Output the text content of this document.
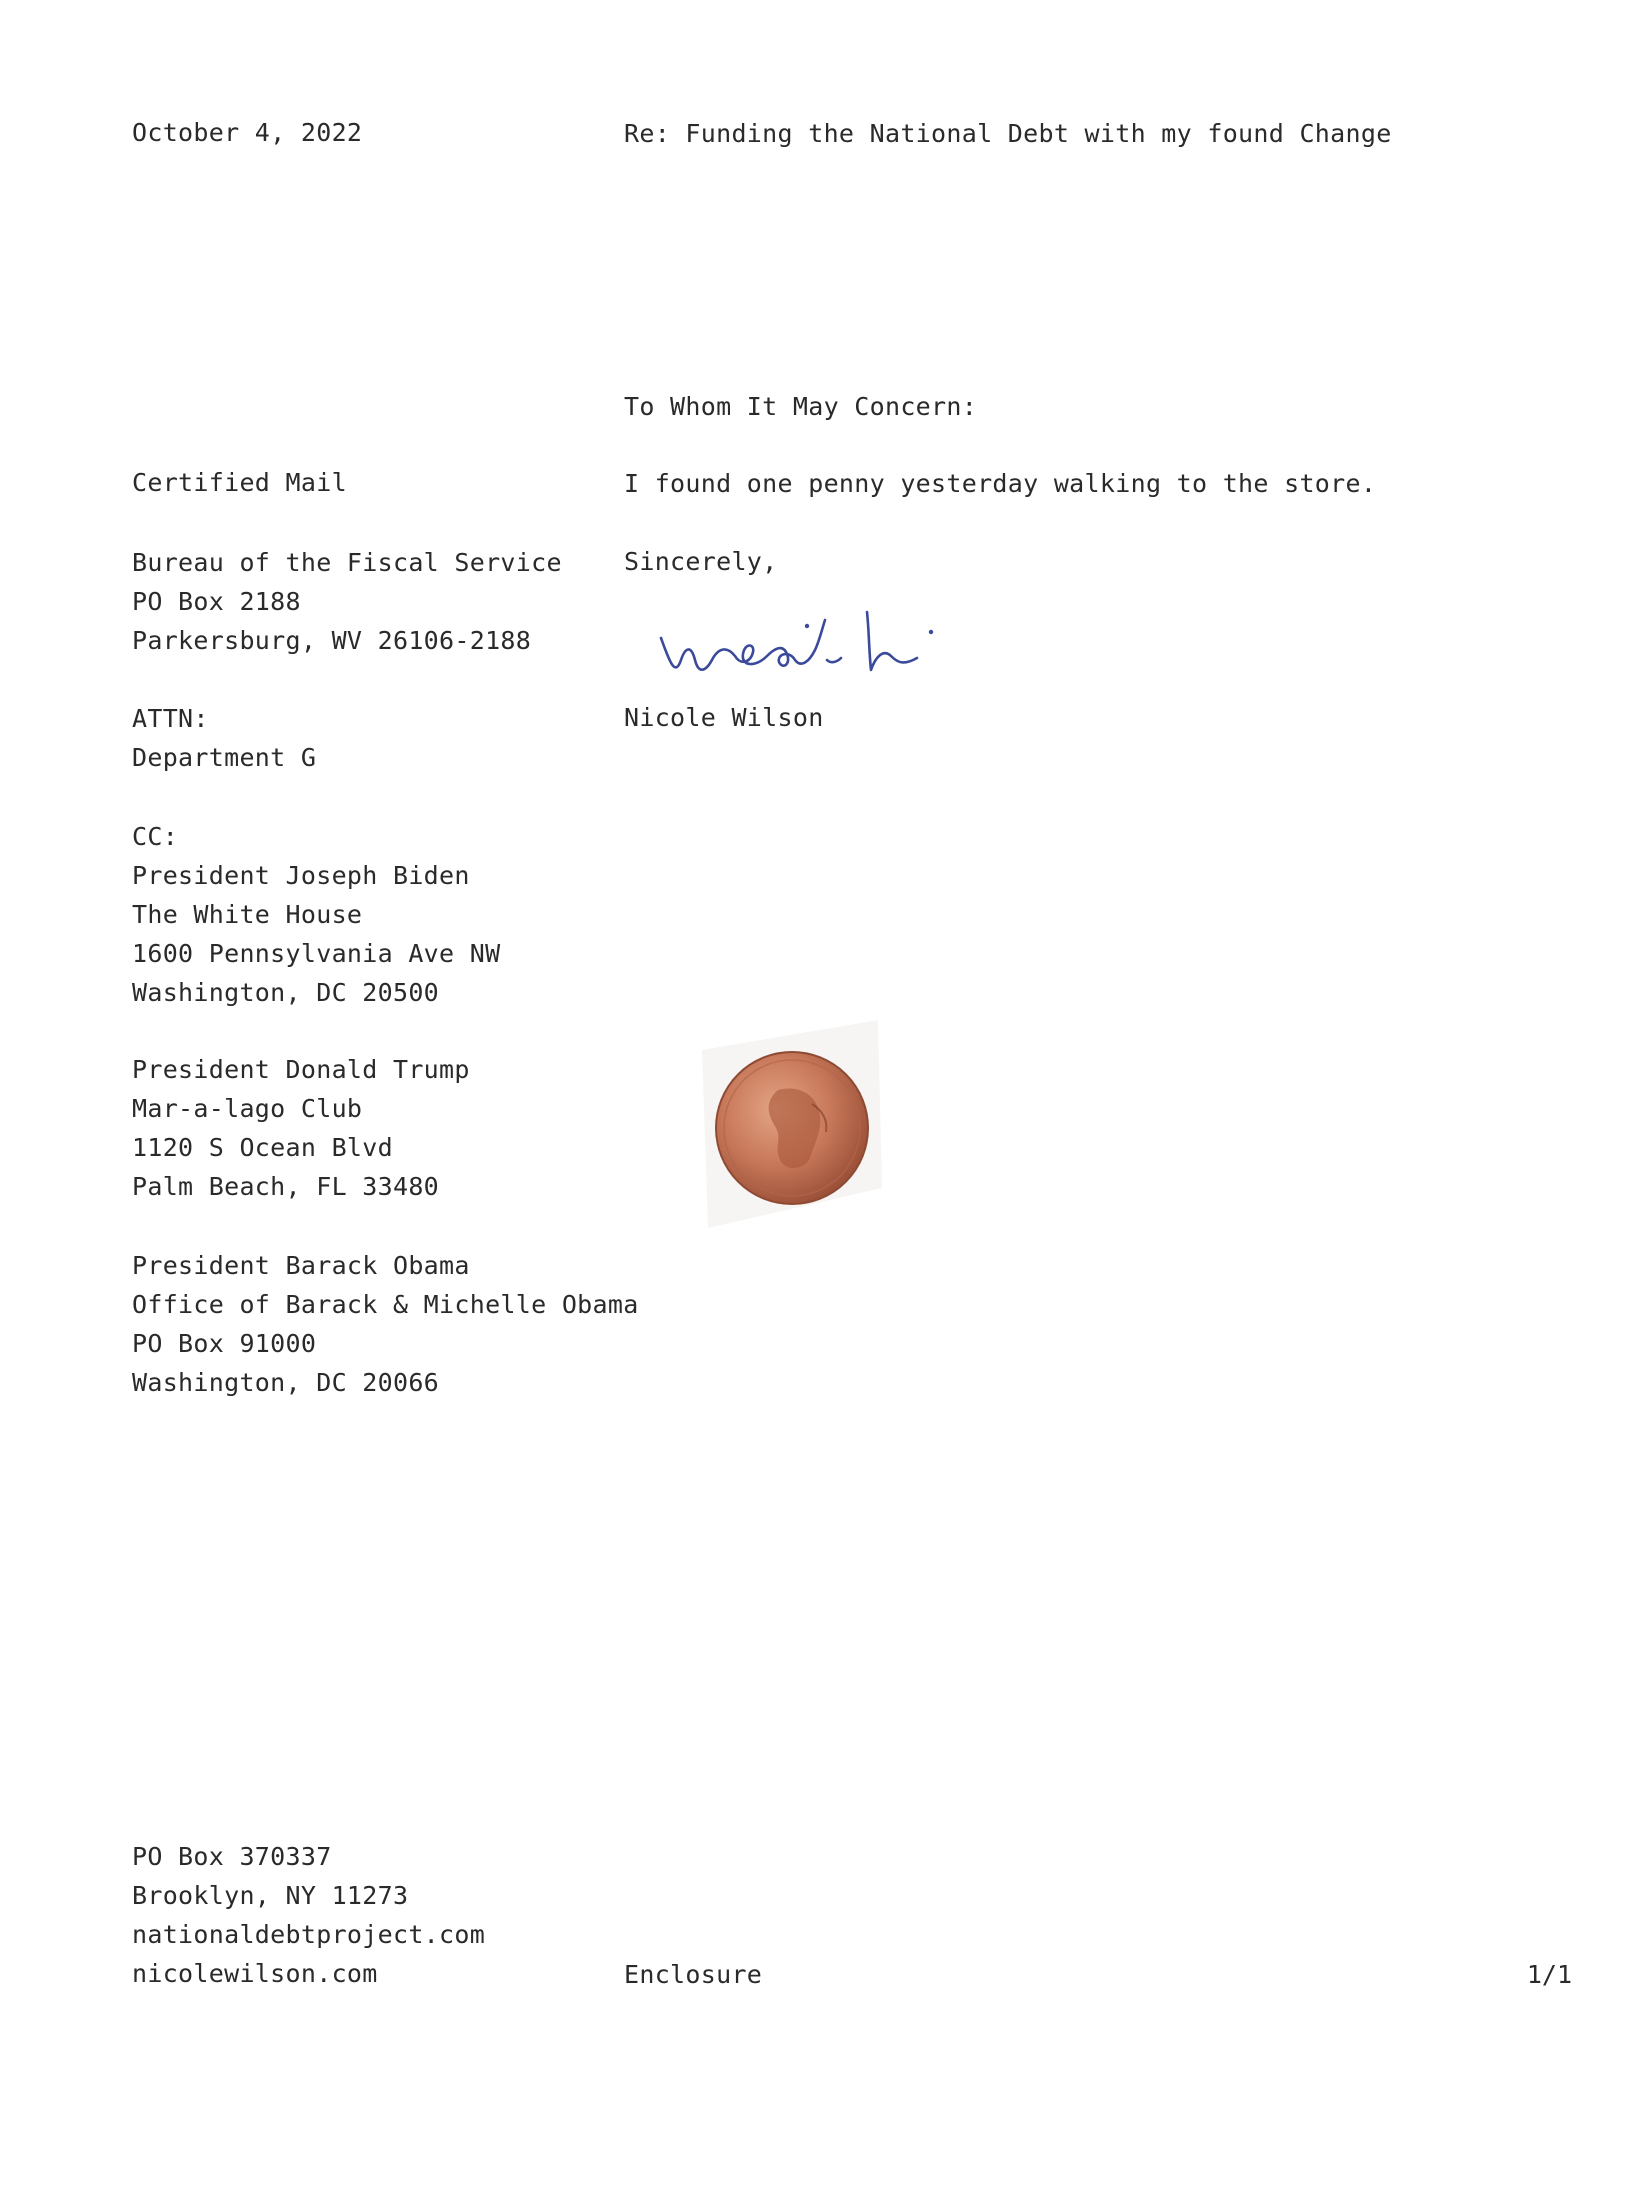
October 4, 2022	Re: Funding the National Debt with my found Change
To Whom It May Concern:
I found one penny yesterday walking to the store.
Sincerely,
Nicole Wilson
Certified Mail
Bureau of the Fiscal Service
PO Box 2188
Parkersburg, WV 26106-2188
ATTN:
Department G
CC:
President Joseph Biden
The White House
1600 Pennsylvania Ave NW
Washington, DC 20500
President Donald Trump
Mar-a-lago Club
1120 S Ocean Blvd
Palm Beach, FL 33480
President Barack Obama
Office of Barack & Michelle Obama
PO Box 91000
Washington, DC 20066
PO Box 370337
Brooklyn, NY 11273
nationaldebtproject.com
nicolewilson.com	Enclosure	1/1
